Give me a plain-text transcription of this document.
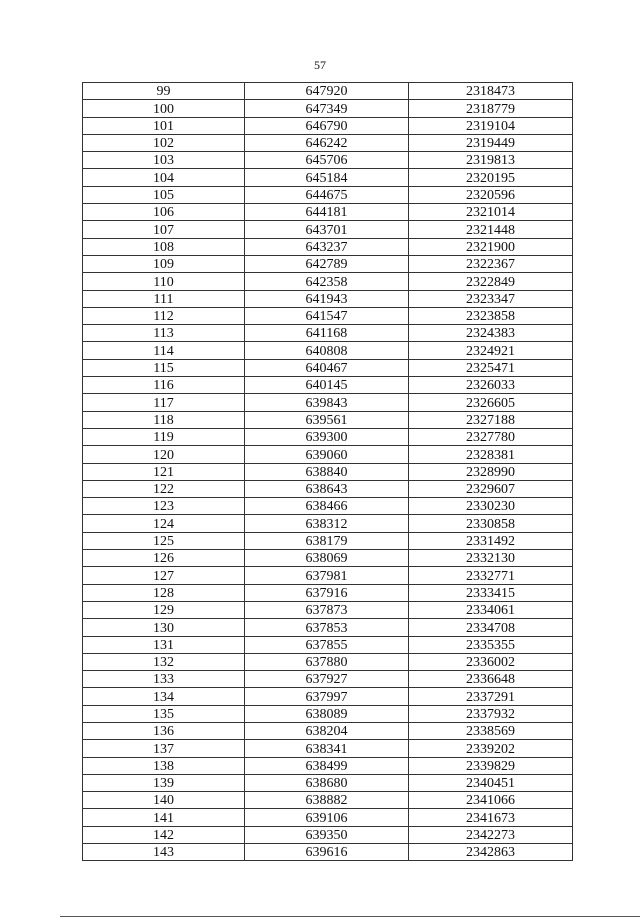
57
99	647920	2318473
100	647349	2318779
101	646790	2319104
102	646242	2319449
103	645706	2319813
104	645184	2320195
105	644675	2320596
106	644181	2321014
107	643701	2321448
108	643237	2321900
109	642789	2322367
110	642358	2322849
111	641943	2323347
112	641547	2323858
113	641168	2324383
114	640808	2324921
115	640467	2325471
116	640145	2326033
117	639843	2326605
118	639561	2327188
119	639300	2327780
120	639060	2328381
121	638840	2328990
122	638643	2329607
123	638466	2330230
124	638312	2330858
125	638179	2331492
126	638069	2332130
127	637981	2332771
128	637916	2333415
129	637873	2334061
130	637853	2334708
131	637855	2335355
132	637880	2336002
133	637927	2336648
134	637997	2337291
135	638089	2337932
136	638204	2338569
137	638341	2339202
138	638499	2339829
139	638680	2340451
140	638882	2341066
141	639106	2341673
142	639350	2342273
143	639616	2342863
